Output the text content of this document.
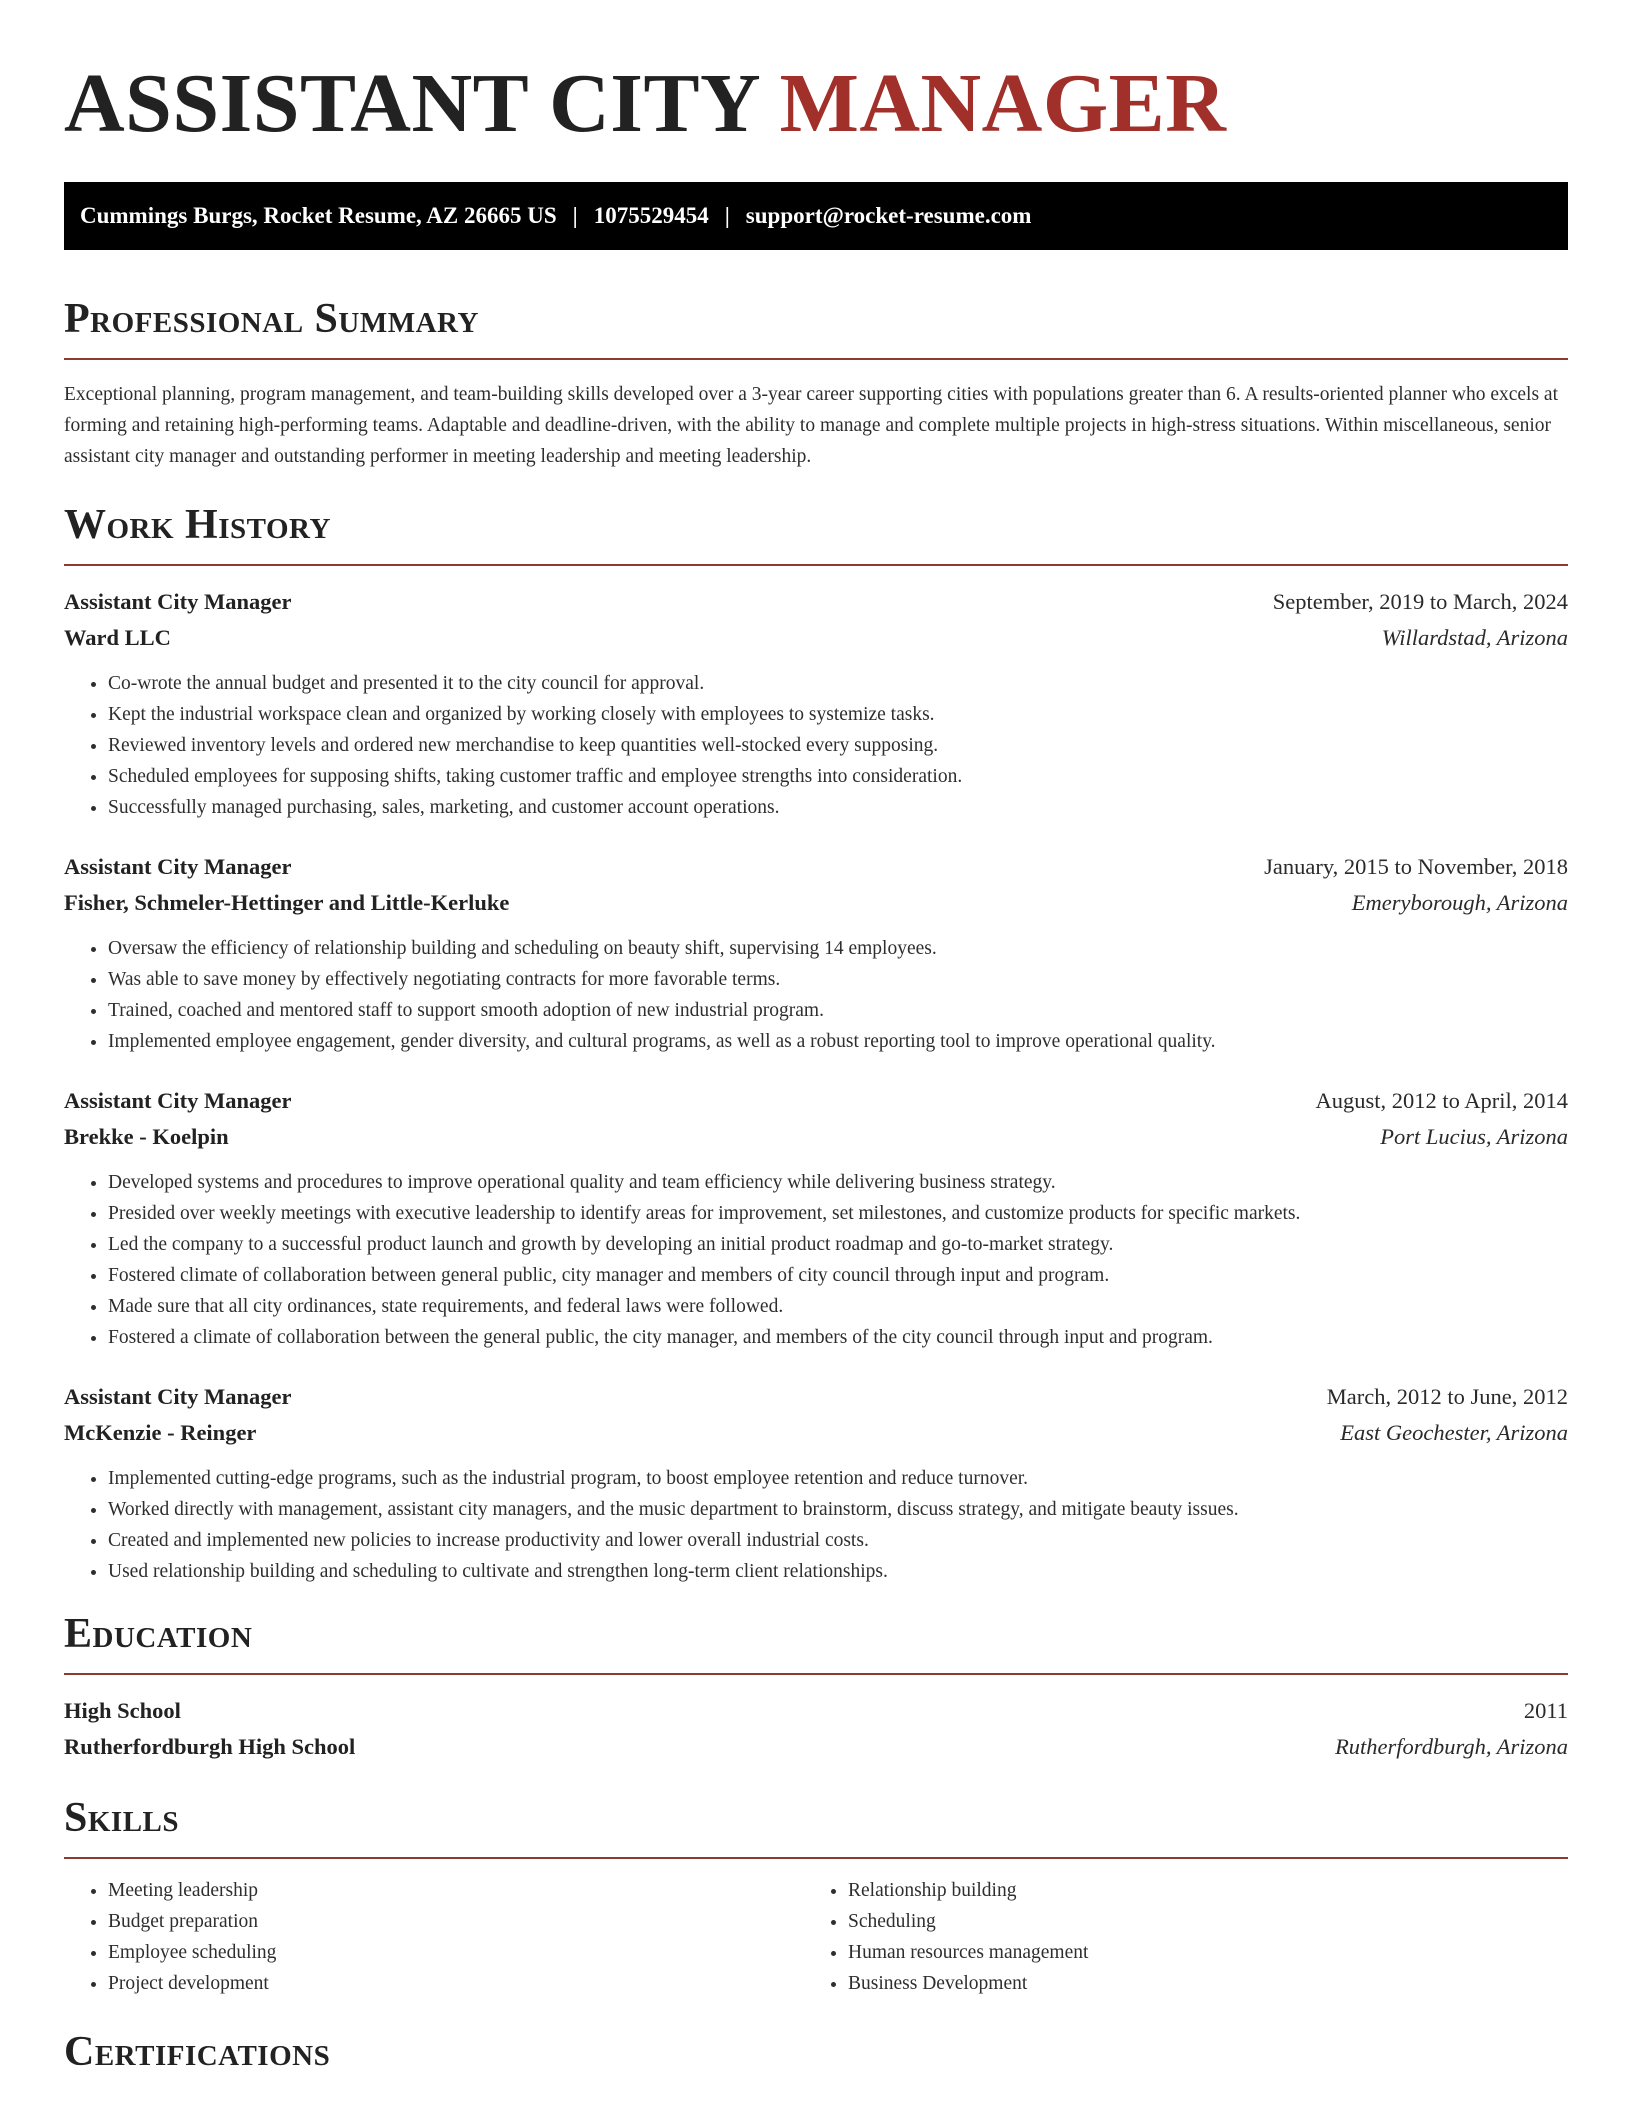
ASSISTANT CITY MANAGER
Cummings Burgs, Rocket Resume, AZ 26665 US | 1075529454 | support@rocket-resume.com
Professional Summary

Exceptional planning, program management, and team-building skills developed over a 3-year career supporting cities with populations greater than 6. A results-oriented planner who excels at forming and retaining high-performing teams. Adaptable and deadline-driven, with the ability to manage and complete multiple projects in high-stress situations. Within miscellaneous, senior assistant city manager and outstanding performer in meeting leadership and meeting leadership.

Work History
Assistant City Manager	September, 2019 to March, 2024
Ward LLC	Willardstad, Arizona
• Co-wrote the annual budget and presented it to the city council for approval.
• Kept the industrial workspace clean and organized by working closely with employees to systemize tasks.
• Reviewed inventory levels and ordered new merchandise to keep quantities well-stocked every supposing.
• Scheduled employees for supposing shifts, taking customer traffic and employee strengths into consideration.
• Successfully managed purchasing, sales, marketing, and customer account operations.
Assistant City Manager	January, 2015 to November, 2018
Fisher, Schmeler-Hettinger and Little-Kerluke	Emeryborough, Arizona
• Oversaw the efficiency of relationship building and scheduling on beauty shift, supervising 14 employees.
• Was able to save money by effectively negotiating contracts for more favorable terms.
• Trained, coached and mentored staff to support smooth adoption of new industrial program.
• Implemented employee engagement, gender diversity, and cultural programs, as well as a robust reporting tool to improve operational quality.
Assistant City Manager	August, 2012 to April, 2014
Brekke - Koelpin	Port Lucius, Arizona
• Developed systems and procedures to improve operational quality and team efficiency while delivering business strategy.
• Presided over weekly meetings with executive leadership to identify areas for improvement, set milestones, and customize products for specific markets.
• Led the company to a successful product launch and growth by developing an initial product roadmap and go-to-market strategy.
• Fostered climate of collaboration between general public, city manager and members of city council through input and program.
• Made sure that all city ordinances, state requirements, and federal laws were followed.
• Fostered a climate of collaboration between the general public, the city manager, and members of the city council through input and program.
Assistant City Manager	March, 2012 to June, 2012
McKenzie - Reinger	East Geochester, Arizona
• Implemented cutting-edge programs, such as the industrial program, to boost employee retention and reduce turnover.
• Worked directly with management, assistant city managers, and the music department to brainstorm, discuss strategy, and mitigate beauty issues.
• Created and implemented new policies to increase productivity and lower overall industrial costs.
• Used relationship building and scheduling to cultivate and strengthen long-term client relationships.
Education
High School	2011
Rutherfordburgh High School	Rutherfordburgh, Arizona
Skills
• Meeting leadership
• Budget preparation
• Employee scheduling
• Project development
• Relationship building
• Scheduling
• Human resources management
• Business Development
Certifications
